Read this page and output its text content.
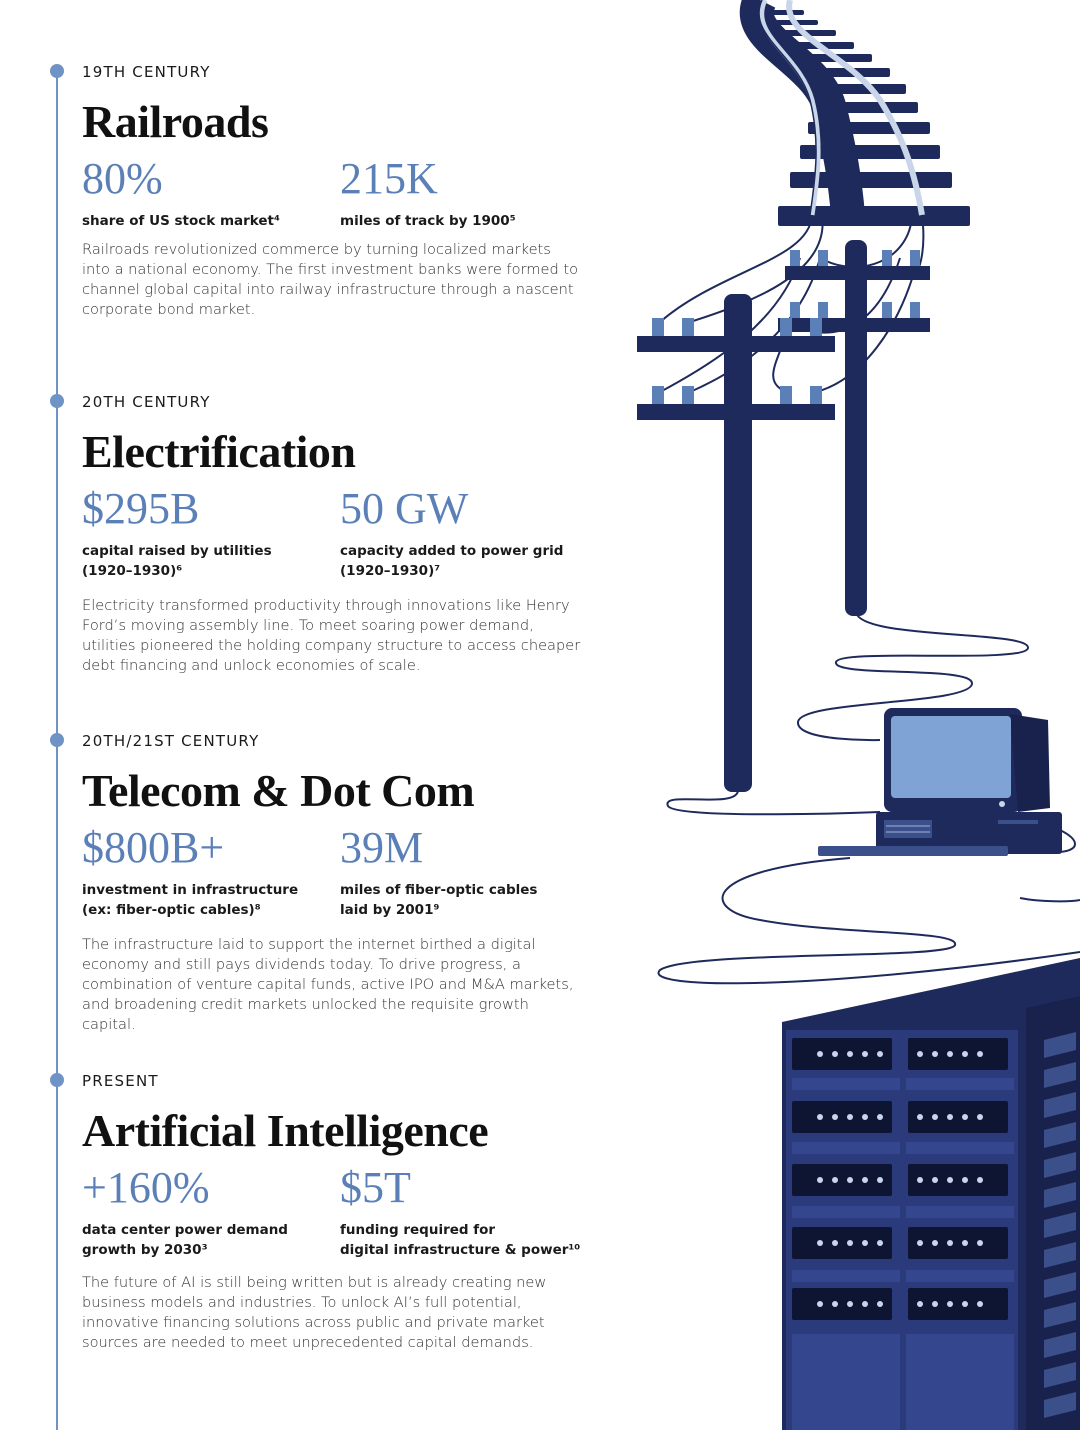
19TH CENTURY
Railroads
80%
share of US stock market⁴
215K
miles of track by 1900⁵

Railroads revolutionized commerce by turning localized markets into a national economy. The first investment banks were formed to channel global capital into railway infrastructure through a nascent corporate bond market.

20TH CENTURY
Electrification
$295B
capital raised by utilities
(1920–1930)⁶
50 GW
capacity added to power grid
(1920–1930)⁷

Electricity transformed productivity through innovations like Henry Ford’s moving assembly line. To meet soaring power demand, utilities pioneered the holding company structure to access cheaper debt financing and unlock economies of scale.

20TH/21ST CENTURY
Telecom & Dot Com
$800B+
investment in infrastructure
(ex: fiber-optic cables)⁸
39M
miles of fiber-optic cables
laid by 2001⁹

The infrastructure laid to support the internet birthed a digital economy and still pays dividends today. To drive progress, a combination of venture capital funds, active IPO and M&A markets, and broadening credit markets unlocked the requisite growth capital.

PRESENT
Artificial Intelligence
+160%
data center power demand
growth by 2030³
$5T
funding required for
digital infrastructure & power¹⁰

The future of AI is still being written but is already creating new business models and industries. To unlock AI’s full potential, innovative financing solutions across public and private market sources are needed to meet unprecedented capital demands.
